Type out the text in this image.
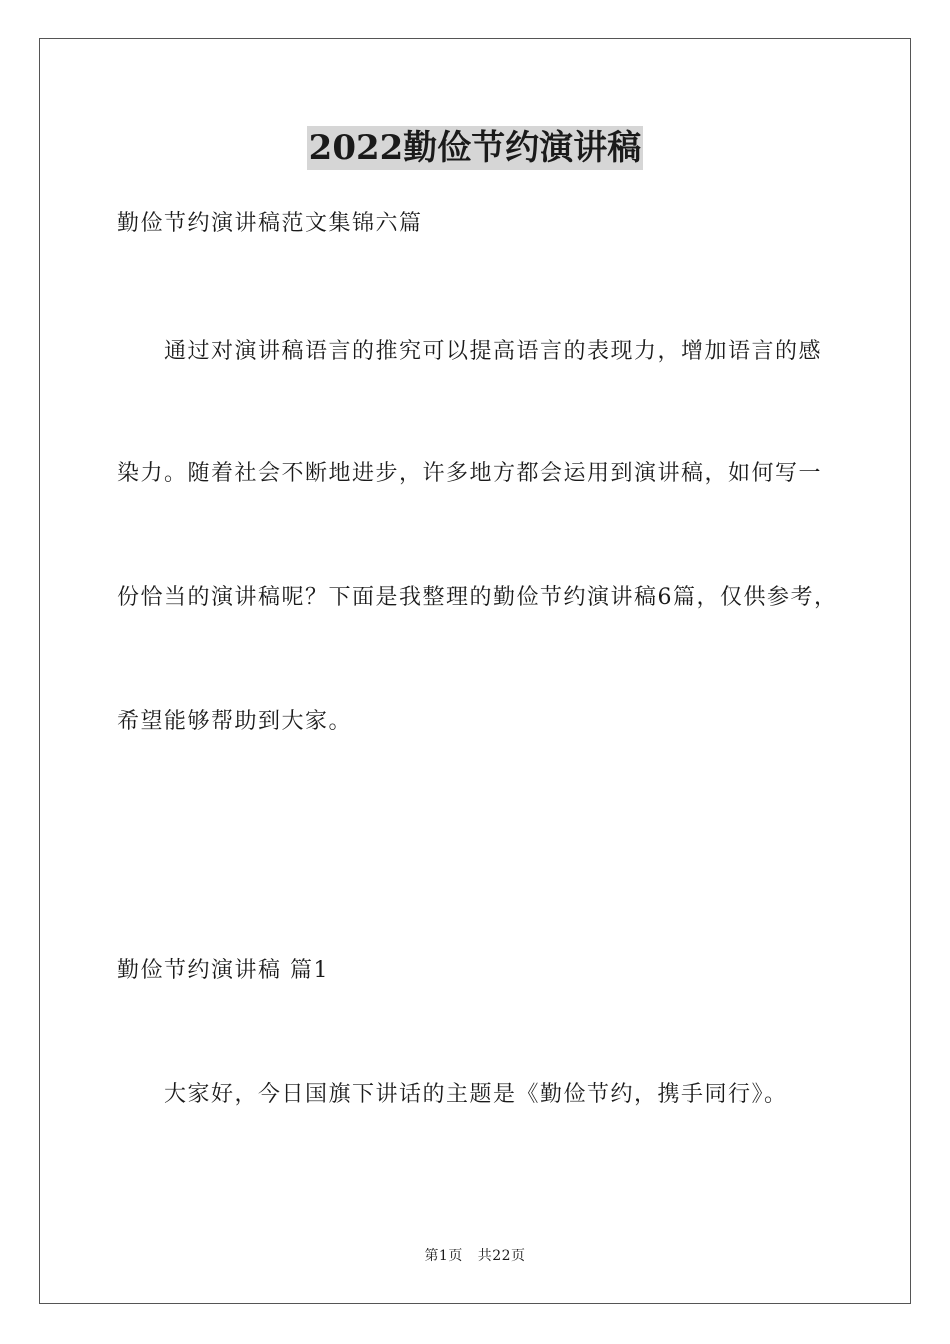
2022勤俭节约演讲稿
勤俭节约演讲稿范文集锦六篇
通过对演讲稿语言的推究可以提高语言的表现力，增加语言的感
染力。随着社会不断地进步，许多地方都会运用到演讲稿，如何写一
份恰当的演讲稿呢？下面是我整理的勤俭节约演讲稿6篇，仅供参考，
希望能够帮助到大家。
勤俭节约演讲稿 篇1
大家好，今日国旗下讲话的主题是《勤俭节约，携手同行》。
第1页 共22页
